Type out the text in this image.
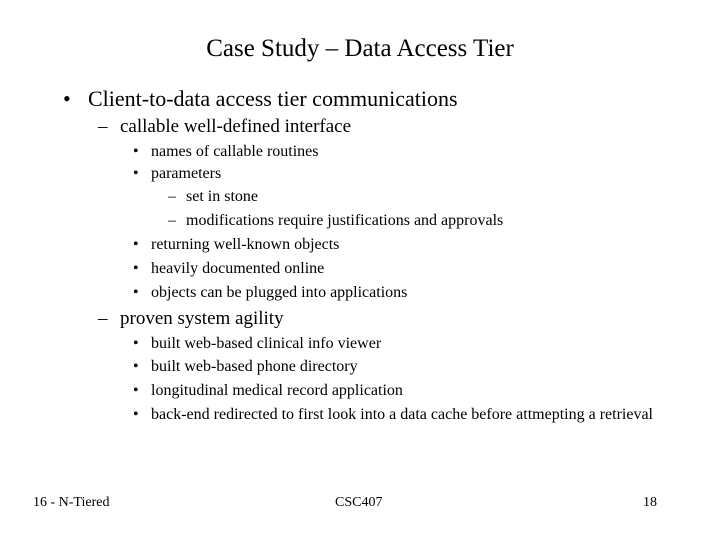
Case Study – Data Access Tier
• Client-to-data access tier communications
– callable well-defined interface
• names of callable routines
• parameters
– set in stone
– modifications require justifications and approvals
• returning well-known objects
• heavily documented online
• objects can be plugged into applications
– proven system agility
• built web-based clinical info viewer
• built web-based phone directory
• longitudinal medical record application
• back-end redirected to first look into a data cache before attmepting a retrieval
16 - N-Tiered	CSC407	18
